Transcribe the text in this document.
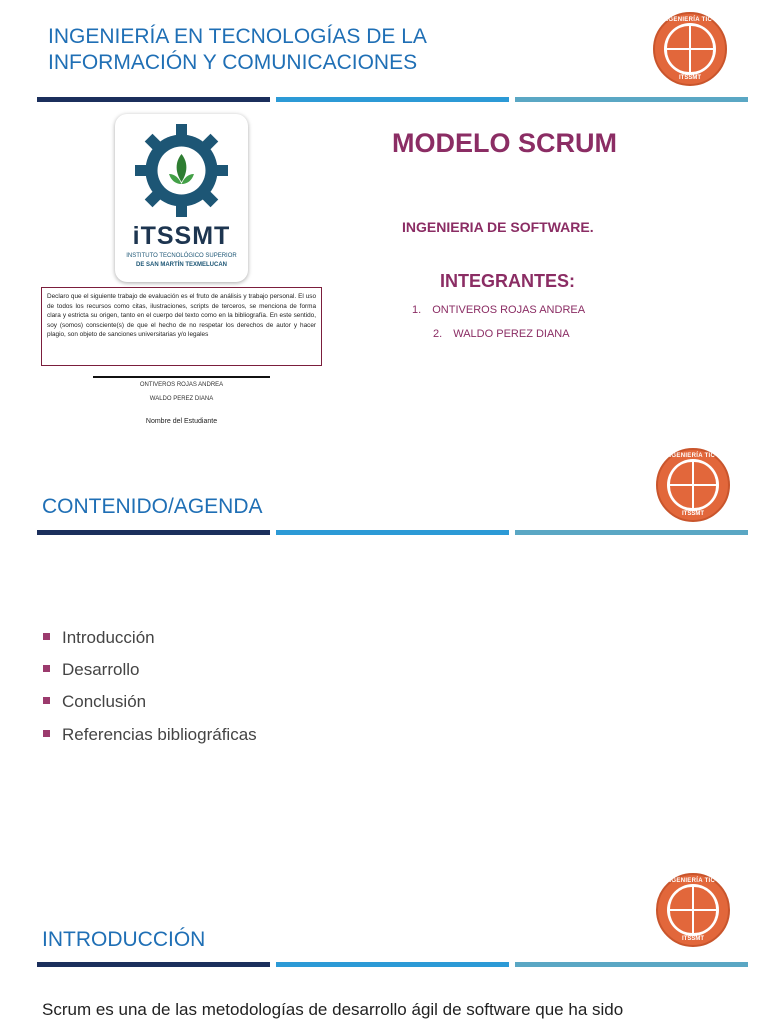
INGENIERÍA EN TECNOLOGÍAS DE LA
INFORMACIÓN Y COMUNICACIONES
INGENIERÍA TIC'S
ITSSMT
iTSSMT
INSTITUTO TECNOLÓGICO SUPERIOR
DE SAN MARTÍN TEXMELUCAN
Declaro que el siguiente trabajo de evaluación es el fruto de análisis y trabajo personal. El uso de todos los recursos como citas, ilustraciones, scripts de terceros, se menciona de forma clara y estricta su origen, tanto en el cuerpo del texto como en la bibliografía. En este sentido, soy (somos) consciente(s) de que el hecho de no respetar los derechos de autor y hacer plagio, son objeto de sanciones universitarias y/o legales
ONTIVEROS ROJAS ANDREA
WALDO PEREZ DIANA
Nombre del Estudiante
MODELO SCRUM
INGENIERIA DE SOFTWARE.
INTEGRANTES:
1. ONTIVEROS ROJAS ANDREA
2. WALDO PEREZ DIANA
INGENIERÍA TIC'S
ITSSMT
CONTENIDO/AGENDA
Introducción
Desarrollo
Conclusión
Referencias bibliográficas
INGENIERÍA TIC'S
ITSSMT
INTRODUCCIÓN
Scrum es una de las metodologías de desarrollo ágil de software que ha sido
